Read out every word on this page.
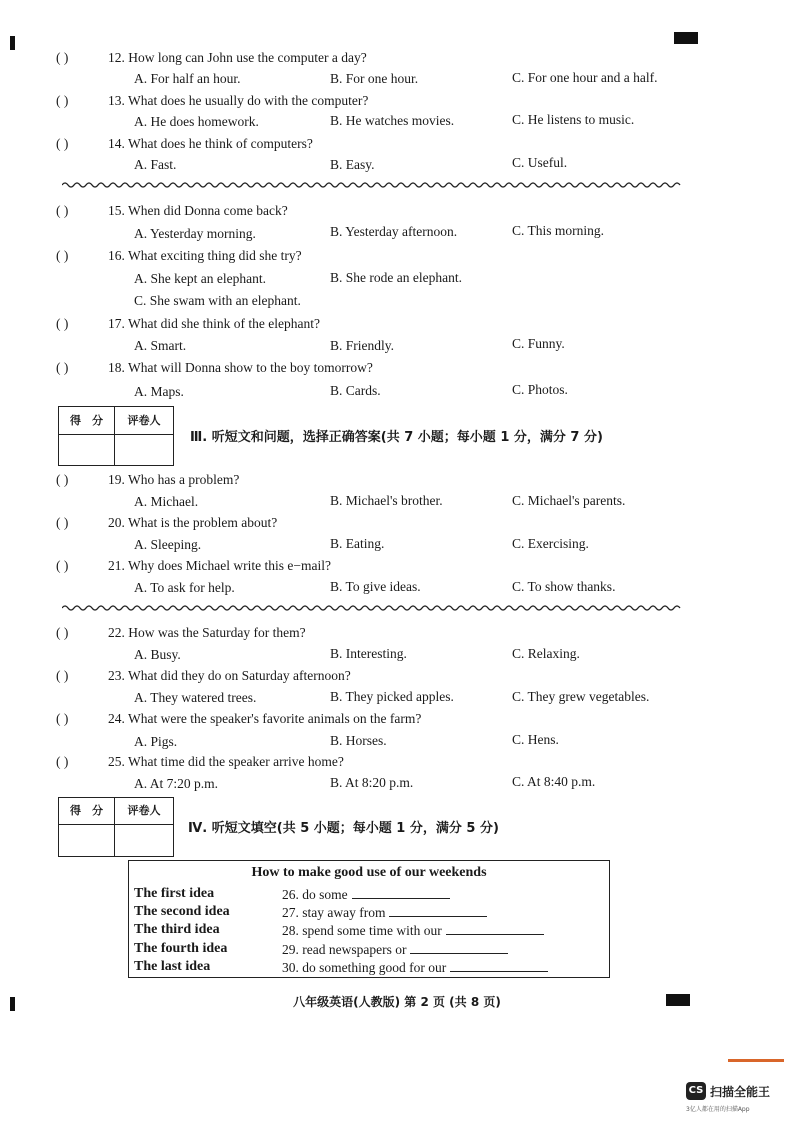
( )	12. How long can John use the computer a day?
A. For half an hour.	B. For one hour.	C. For one hour and a half.
( )	13. What does he usually do with the computer?
A. He does homework.	B. He watches movies.	C. He listens to music.
( )	14. What does he think of computers?
A. Fast.	B. Easy.	C. Useful.
( )	15. When did Donna come back?
A. Yesterday morning.	B. Yesterday afternoon.	C. This morning.
( )	16. What exciting thing did she try?
A. She kept an elephant.	B. She rode an elephant.
C. She swam with an elephant.
( )	17. What did she think of the elephant?
A. Smart.	B. Friendly.	C. Funny.
( )	18. What will Donna show to the boy tomorrow?
A. Maps.	B. Cards.	C. Photos.
得　分	评卷人
Ⅲ. 听短文和问题，选择正确答案(共 7 小题；每小题 1 分，满分 7 分)
( )	19. Who has a problem?
A. Michael.	B. Michael's brother.	C. Michael's parents.
( )	20. What is the problem about?
A. Sleeping.	B. Eating.	C. Exercising.
( )	21. Why does Michael write this e−mail?
A. To ask for help.	B. To give ideas.	C. To show thanks.
( )	22. How was the Saturday for them?
A. Busy.	B. Interesting.	C. Relaxing.
( )	23. What did they do on Saturday afternoon?
A. They watered trees.	B. They picked apples.	C. They grew vegetables.
( )	24. What were the speaker's favorite animals on the farm?
A. Pigs.	B. Horses.	C. Hens.
( )	25. What time did the speaker arrive home?
A. At 7:20 p.m.	B. At 8:20 p.m.	C. At 8:40 p.m.
得　分	评卷人
Ⅳ. 听短文填空(共 5 小题；每小题 1 分，满分 5 分)
How to make good use of our weekends
The first idea	26. do some
The second idea	27. stay away from
The third idea	28. spend some time with our
The fourth idea	29. read newspapers or
The last idea	30. do something good for our
八年级英语(人教版) 第 2 页 (共 8 页)
CS 扫描全能王
3亿人都在用的扫描App
